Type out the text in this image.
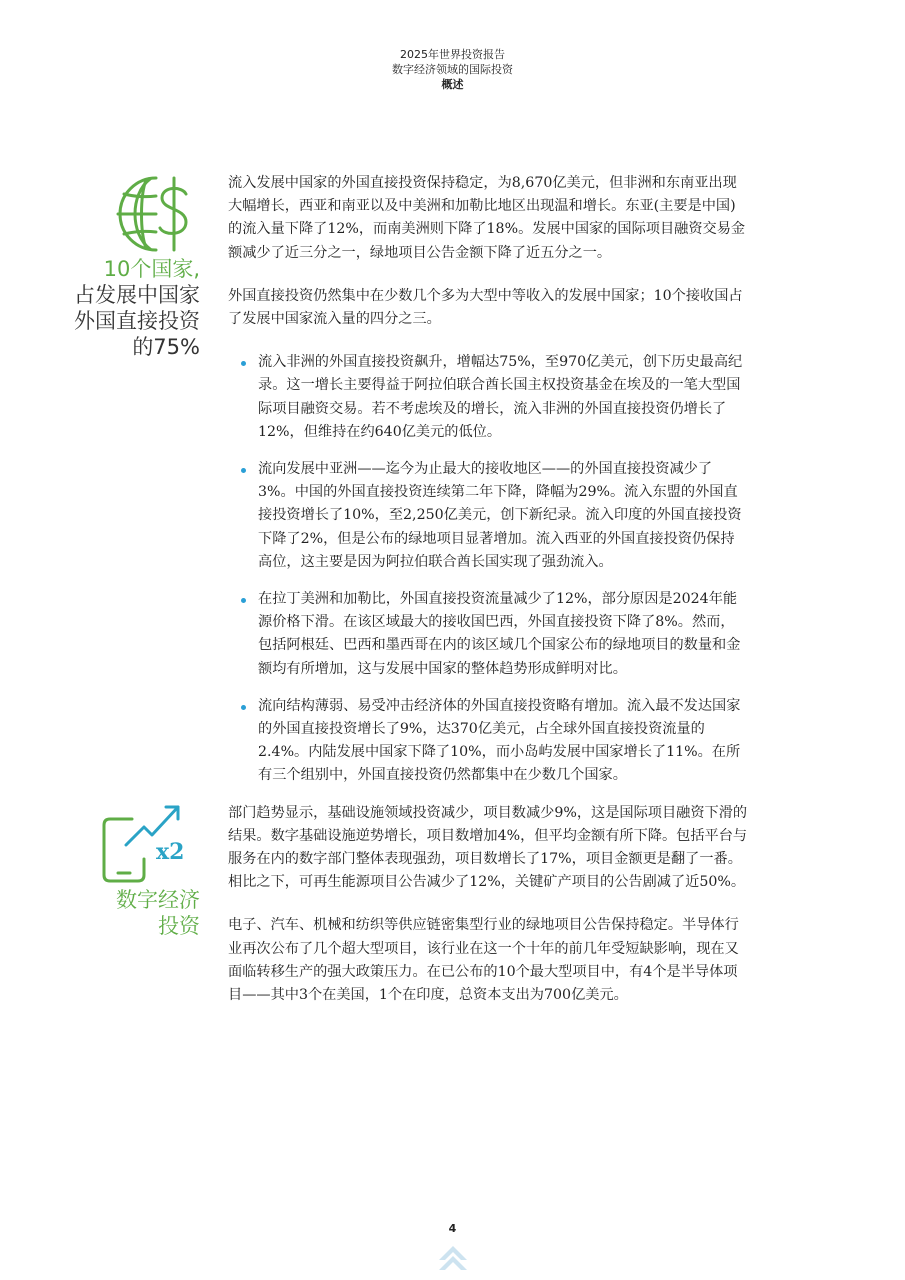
2025年世界投资报告
数字经济领域的国际投资
概述
10个国家,
占发展中国家
外国直接投资
的75%
x2
数字经济
投资

流入发展中国家的外国直接投资保持稳定，为8,670亿美元，但非洲和东南亚出现大幅增长，西亚和南亚以及中美洲和加勒比地区出现温和增长。东亚(主要是中国)的流入量下降了12%，而南美洲则下降了18%。发展中国家的国际项目融资交易金额减少了近三分之一，绿地项目公告金额下降了近五分之一。

外国直接投资仍然集中在少数几个多为大型中等收入的发展中国家；10个接收国占了发展中国家流入量的四分之三。

流入非洲的外国直接投资飙升，增幅达75%，至970亿美元，创下历史最高纪录。这一增长主要得益于阿拉伯联合酋长国主权投资基金在埃及的一笔大型国际项目融资交易。若不考虑埃及的增长，流入非洲的外国直接投资仍增长了12%，但维持在约640亿美元的低位。
流向发展中亚洲——迄今为止最大的接收地区——的外国直接投资减少了3%。中国的外国直接投资连续第二年下降，降幅为29%。流入东盟的外国直接投资增长了10%，至2,250亿美元，创下新纪录。流入印度的外国直接投资下降了2%，但是公布的绿地项目显著增加。流入西亚的外国直接投资仍保持高位，这主要是因为阿拉伯联合酋长国实现了强劲流入。
在拉丁美洲和加勒比，外国直接投资流量减少了12%，部分原因是2024年能源价格下滑。在该区域最大的接收国巴西，外国直接投资下降了8%。然而，包括阿根廷、巴西和墨西哥在内的该区域几个国家公布的绿地项目的数量和金额均有所增加，这与发展中国家的整体趋势形成鲜明对比。
流向结构薄弱、易受冲击经济体的外国直接投资略有增加。流入最不发达国家的外国直接投资增长了9%，达370亿美元，占全球外国直接投资流量的2.4%。内陆发展中国家下降了10%，而小岛屿发展中国家增长了11%。在所有三个组别中，外国直接投资仍然都集中在少数几个国家。

部门趋势显示，基础设施领域投资减少，项目数减少9%，这是国际项目融资下滑的结果。数字基础设施逆势增长，项目数增加4%，但平均金额有所下降。包括平台与服务在内的数字部门整体表现强劲，项目数增长了17%，项目金额更是翻了一番。相比之下，可再生能源项目公告减少了12%，关键矿产项目的公告剧减了近50%。

电子、汽车、机械和纺织等供应链密集型行业的绿地项目公告保持稳定。半导体行业再次公布了几个超大型项目，该行业在这一个十年的前几年受短缺影响，现在又面临转移生产的强大政策压力。在已公布的10个最大型项目中，有4个是半导体项目——其中3个在美国，1个在印度，总资本支出为700亿美元。

4
